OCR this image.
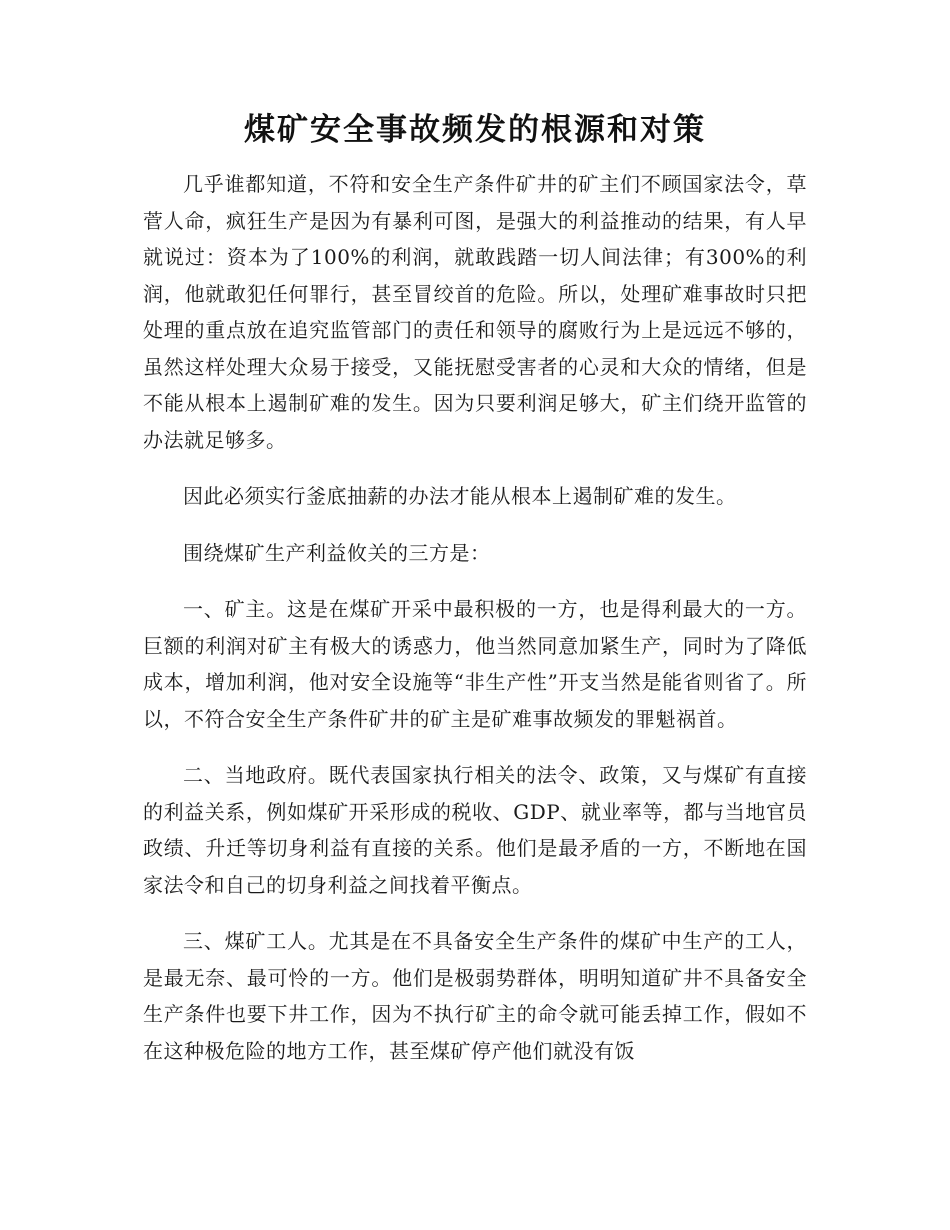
煤矿安全事故频发的根源和对策

几乎谁都知道，不符和安全生产条件矿井的矿主们不顾国家法令，草菅人命，疯狂生产是因为有暴利可图，是强大的利益推动的结果，有人早就说过：资本为了100%的利润，就敢践踏一切人间法律；有300%的利润，他就敢犯任何罪行，甚至冒绞首的危险。所以，处理矿难事故时只把处理的重点放在追究监管部门的责任和领导的腐败行为上是远远不够的，虽然这样处理大众易于接受，又能抚慰受害者的心灵和大众的情绪，但是不能从根本上遏制矿难的发生。因为只要利润足够大，矿主们绕开监管的办法就足够多。

因此必须实行釜底抽薪的办法才能从根本上遏制矿难的发生。

围绕煤矿生产利益攸关的三方是：

一、矿主。这是在煤矿开采中最积极的一方，也是得利最大的一方。巨额的利润对矿主有极大的诱惑力，他当然同意加紧生产，同时为了降低成本，增加利润，他对安全设施等“非生产性”开支当然是能省则省了。所以，不符合安全生产条件矿井的矿主是矿难事故频发的罪魁祸首。

二、当地政府。既代表国家执行相关的法令、政策，又与煤矿有直接的利益关系，例如煤矿开采形成的税收、GDP、就业率等，都与当地官员政绩、升迁等切身利益有直接的关系。他们是最矛盾的一方，不断地在国家法令和自己的切身利益之间找着平衡点。

三、煤矿工人。尤其是在不具备安全生产条件的煤矿中生产的工人，是最无奈、最可怜的一方。他们是极弱势群体，明明知道矿井不具备安全生产条件也要下井工作，因为不执行矿主的命令就可能丢掉工作，假如不在这种极危险的地方工作，甚至煤矿停产他们就没有饭
